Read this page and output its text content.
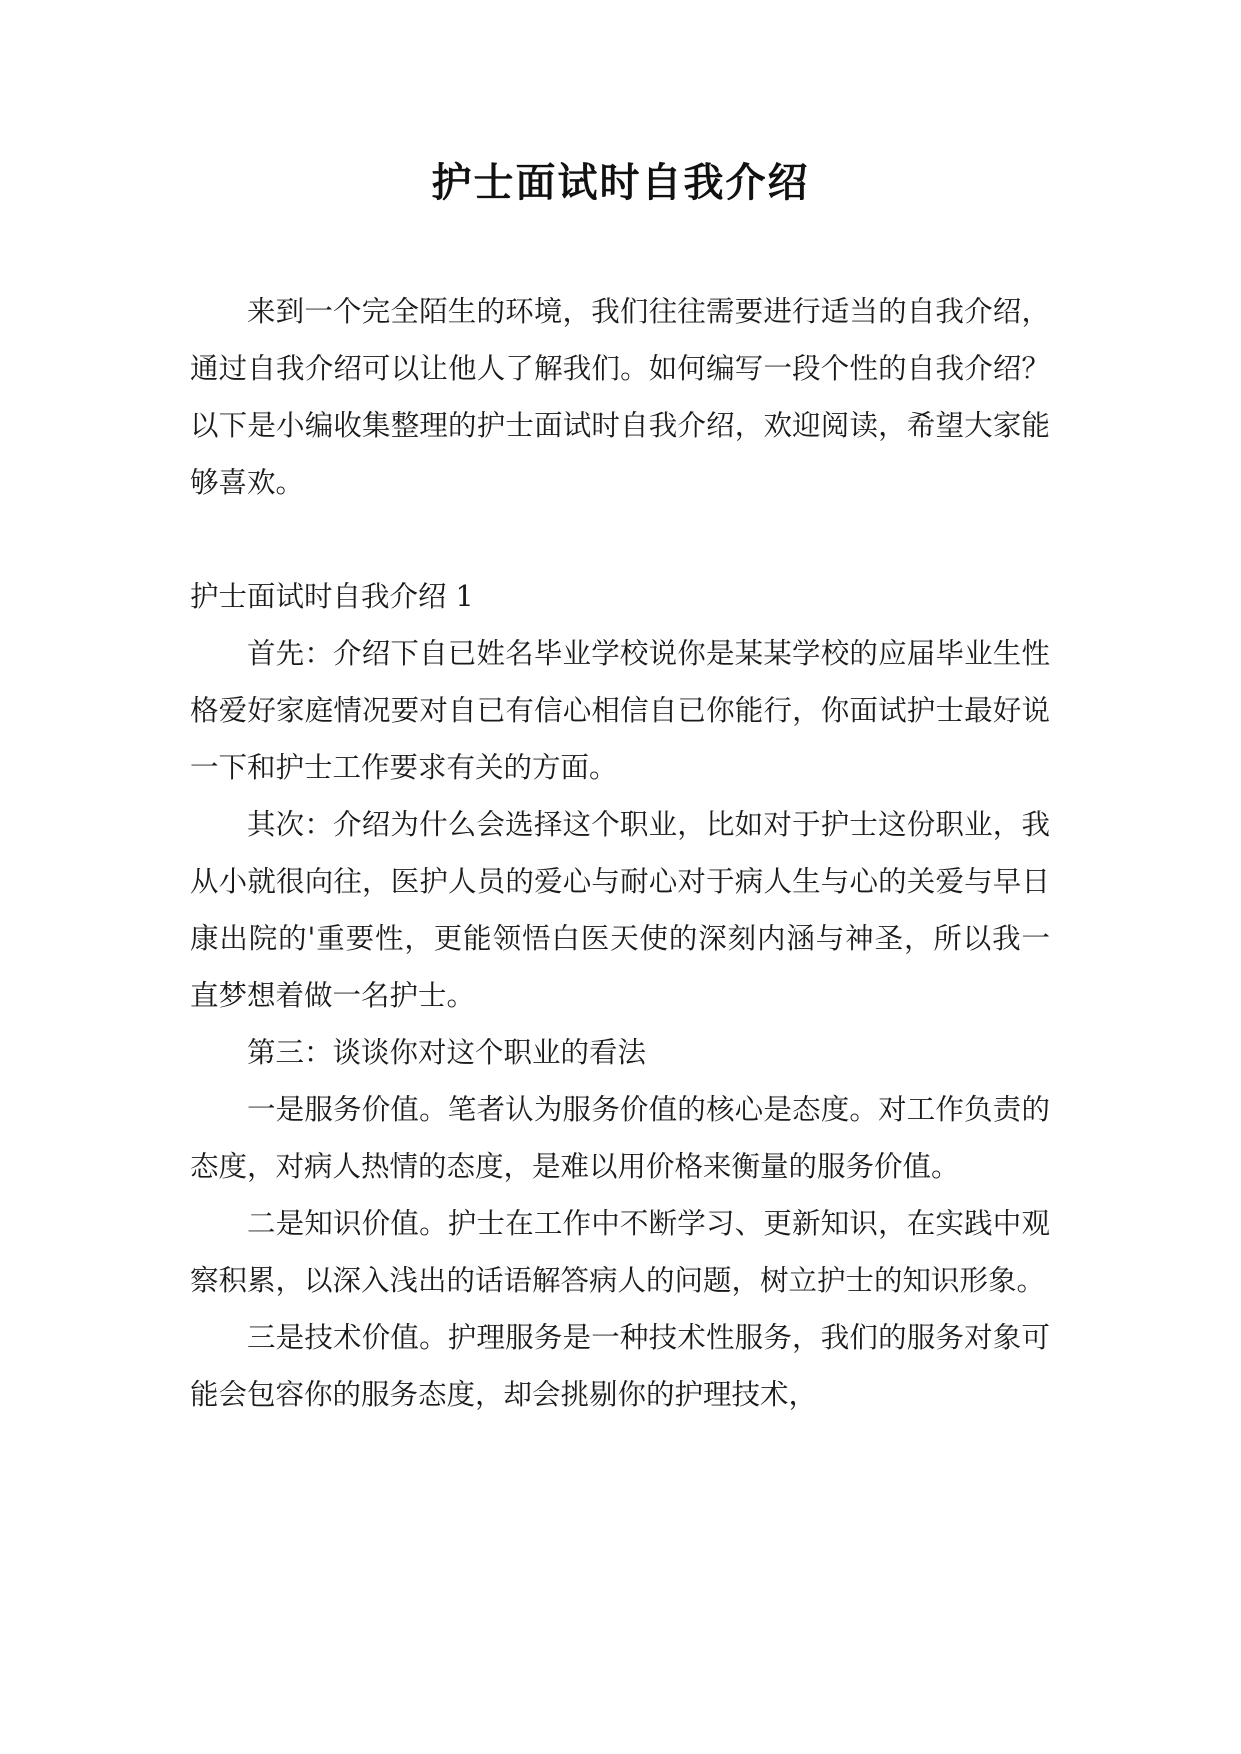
护士面试时自我介绍

来到一个完全陌生的环境，我们往往需要进行适当的自我介绍，通过自我介绍可以让他人了解我们。如何编写一段个性的自我介绍？以下是小编收集整理的护士面试时自我介绍，欢迎阅读，希望大家能够喜欢。

护士面试时自我介绍 1

首先：介绍下自已姓名毕业学校说你是某某学校的应届毕业生性格爱好家庭情况要对自已有信心相信自已你能行，你面试护士最好说一下和护士工作要求有关的方面。

其次：介绍为什么会选择这个职业，比如对于护士这份职业，我从小就很向往，医护人员的爱心与耐心对于病人生与心的关爱与早日康出院的'重要性，更能领悟白医天使的深刻内涵与神圣，所以我一直梦想着做一名护士。

第三：谈谈你对这个职业的看法

一是服务价值。笔者认为服务价值的核心是态度。对工作负责的态度，对病人热情的态度，是难以用价格来衡量的服务价值。

二是知识价值。护士在工作中不断学习、更新知识，在实践中观察积累，以深入浅出的话语解答病人的问题，树立护士的知识形象。

三是技术价值。护理服务是一种技术性服务，我们的服务对象可能会包容你的服务态度，却会挑剔你的护理技术，
